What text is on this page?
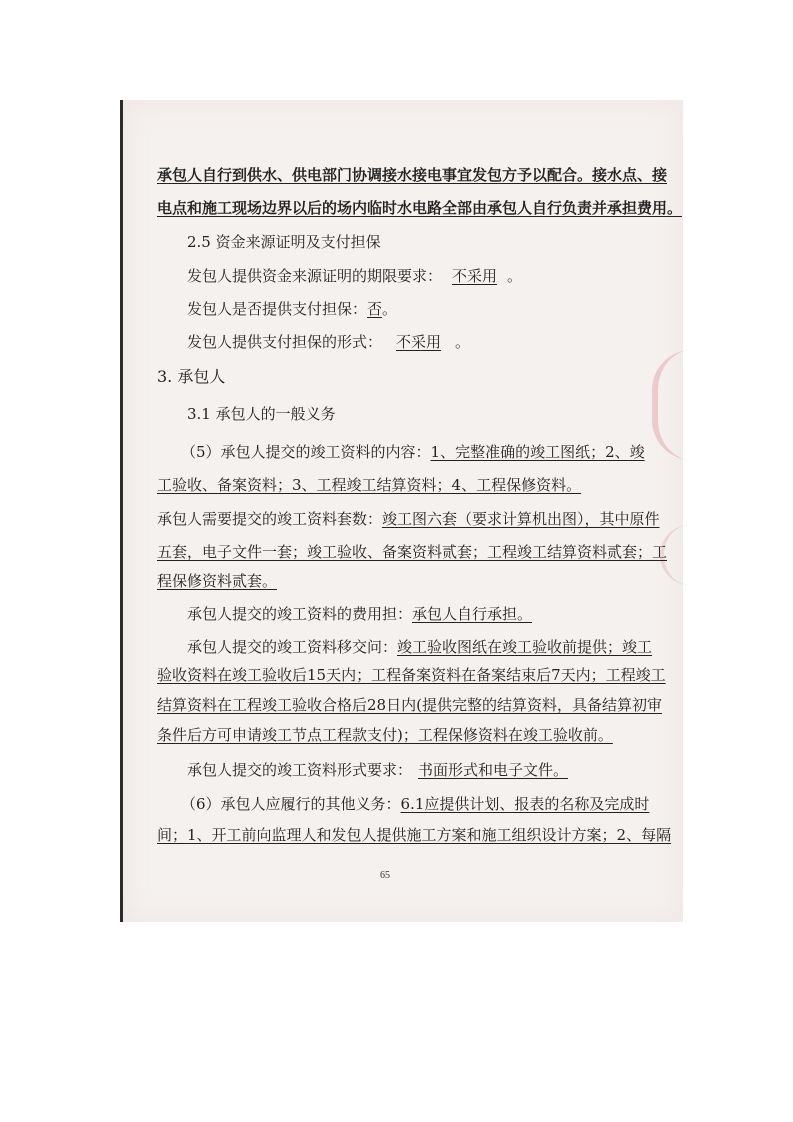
承包人自行到供水、供电部门协调接水接电事宜发包方予以配合。接水点、接
电点和施工现场边界以后的场内临时水电路全部由承包人自行负责并承担费用。
2.5 资金来源证明及支付担保
发包人提供资金来源证明的期限要求： 不采用 。
发包人是否提供支付担保：否。
发包人提供支付担保的形式： 不采用 。
3. 承包人
3.1 承包人的一般义务
（5）承包人提交的竣工资料的内容：1、完整准确的竣工图纸；2、竣
工验收、备案资料；3、工程竣工结算资料；4、工程保修资料。
承包人需要提交的竣工资料套数：竣工图六套（要求计算机出图），其中原件
五套，电子文件一套；竣工验收、备案资料贰套；工程竣工结算资料贰套；工
程保修资料贰套。
承包人提交的竣工资料的费用担：承包人自行承担。
承包人提交的竣工资料移交问：竣工验收图纸在竣工验收前提供；竣工
验收资料在竣工验收后15天内；工程备案资料在备案结束后7天内；工程竣工
结算资料在工程竣工验收合格后28日内(提供完整的结算资料，具备结算初审
条件后方可申请竣工节点工程款支付)；工程保修资料在竣工验收前。
承包人提交的竣工资料形式要求： 书面形式和电子文件。
（6）承包人应履行的其他义务：6.1应提供计划、报表的名称及完成时
间；1、开工前向监理人和发包人提供施工方案和施工组织设计方案；2、每隔
65
